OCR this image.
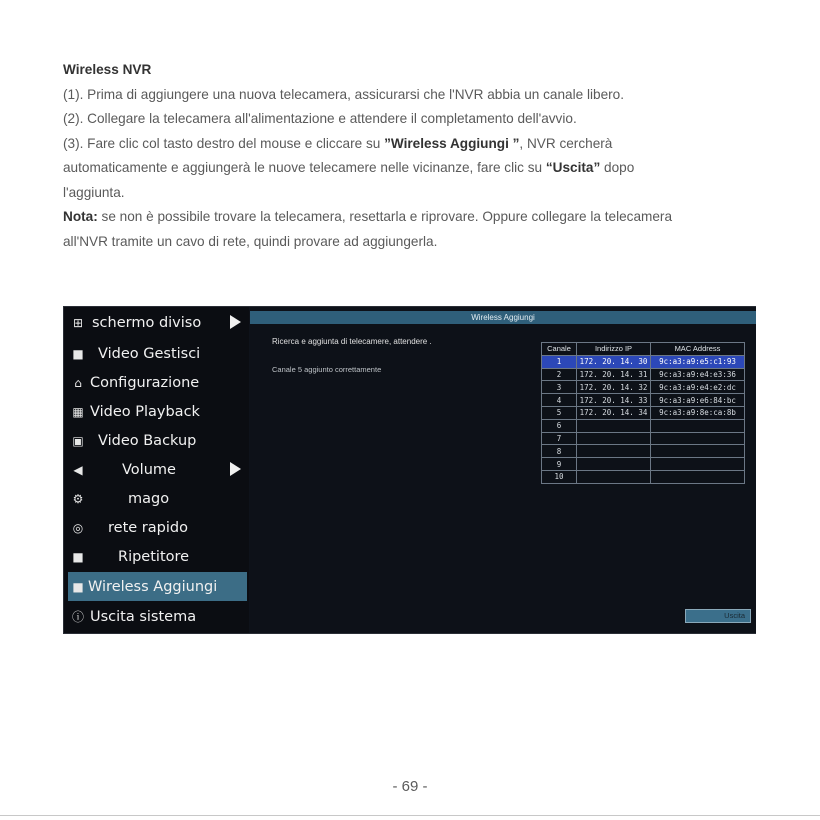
Wireless NVR
(1). Prima di aggiungere una nuova telecamera, assicurarsi che l'NVR abbia un canale libero.
(2). Collegare la telecamera all'alimentazione e attendere il completamento dell'avvio.
(3). Fare clic col tasto destro del mouse e cliccare su ”Wireless Aggiungi ”, NVR cercherà
automaticamente e aggiungerà le nuove telecamere nelle vicinanze, fare clic su “Uscita” dopo
l'aggiunta.
Nota: se non è possibile trovare la telecamera, resettarla e riprovare. Oppure collegare la telecamera
all'NVR tramite un cavo di rete, quindi provare ad aggiungerla.
⊞ schermo diviso
■ Video Gestisci
⌂ Configurazione
▦ Video Playback
▣ Video Backup
◀	Volume
⚙	mago
◎	rete rapido
■	Ripetitore
■ Wireless Aggiungi
ⓘ Uscita sistema
Wireless Aggiungi
Ricerca e aggiunta di telecamere, attendere .
Canale 5 aggiunto correttamente
Canale	Indirizzo IP	MAC Address
1	172. 20. 14. 30	9c:a3:a9:e5:c1:93
2	172. 20. 14. 31	9c:a3:a9:e4:e3:36
3	172. 20. 14. 32	9c:a3:a9:e4:e2:dc
4	172. 20. 14. 33	9c:a3:a9:e6:84:bc
5	172. 20. 14. 34	9c:a3:a9:8e:ca:8b
6		
7		
8		
9		
10		
Uscita
- 69 -
